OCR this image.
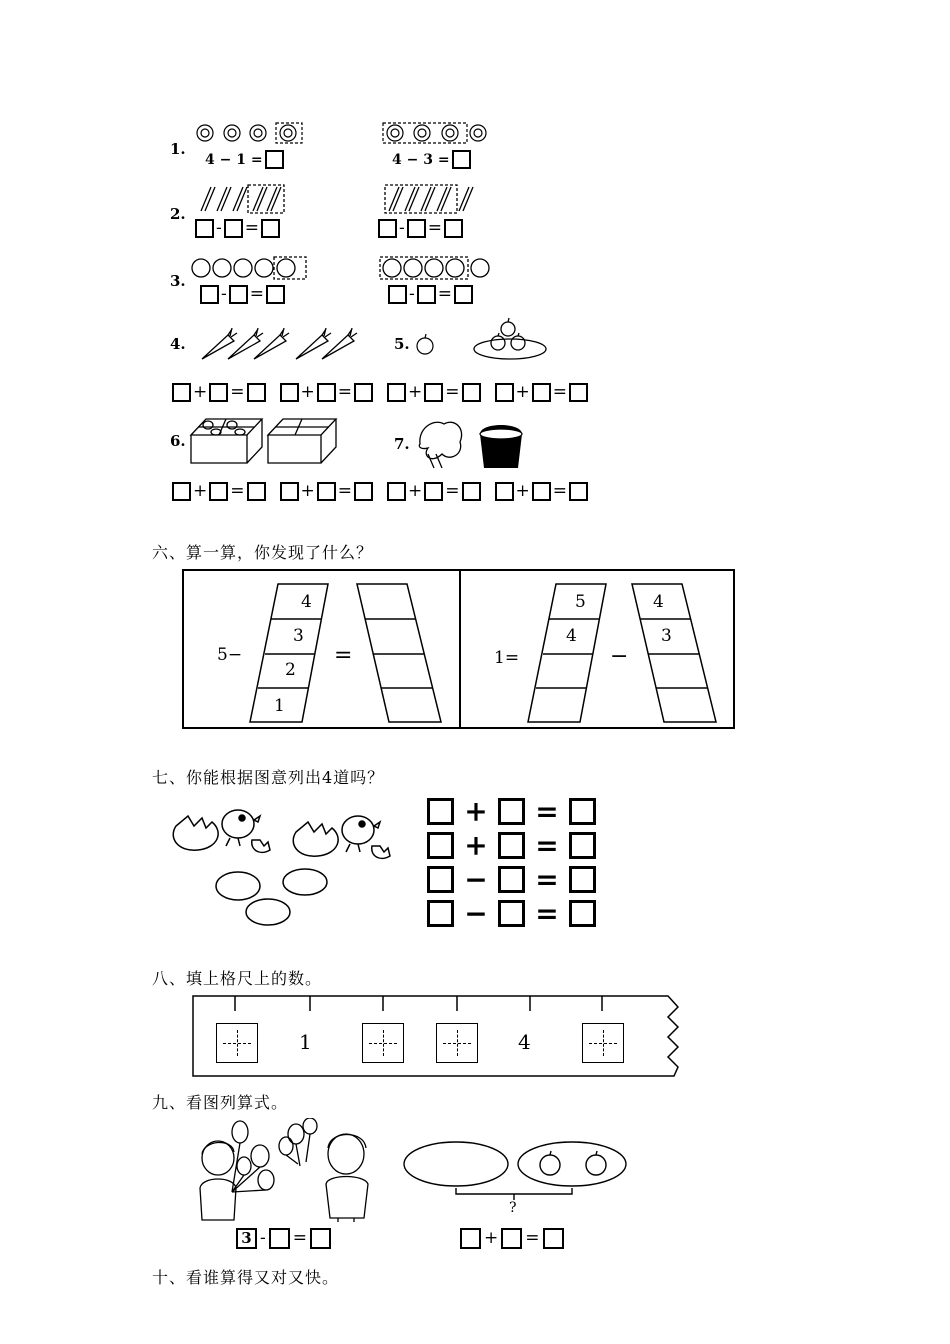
1.
4 − 1 =	4 − 3 =
2.
- =	- =
3.
- =	- =
4.	5.
+ =	+ =	+ =	+ =
6.	7.
+ =	+ =	+ =	+ =
六、算一算，你发现了什么？
5−
4
3
2
1
=	1=
5
4
−
4
3
七、你能根据图意列出4道吗？
+ =
+ =
− =
− =
八、填上格尺上的数。
1	4
九、看图列算式。
3 - =
?
+ =
十、看谁算得又对又快。
